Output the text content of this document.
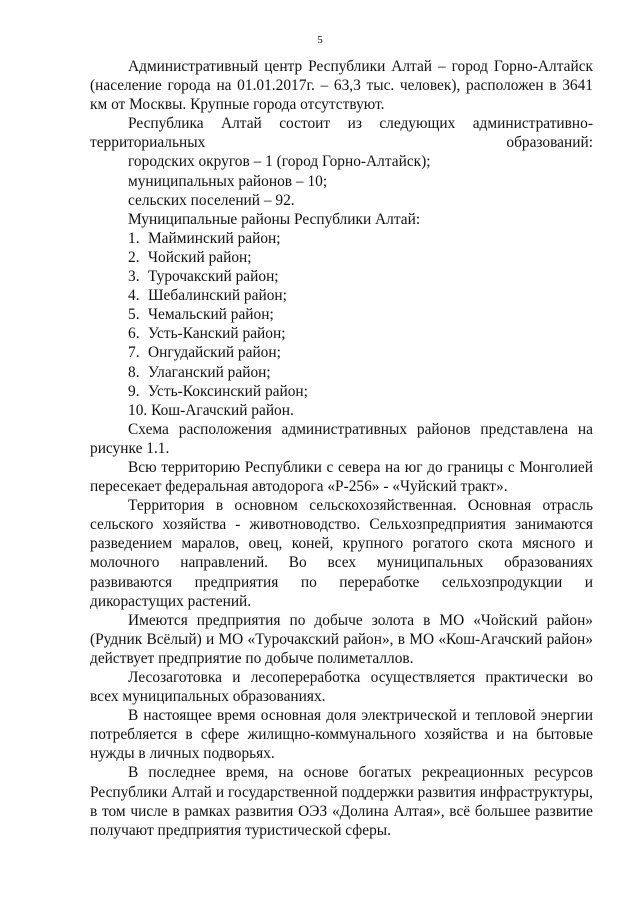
5

Административный центр Республики Алтай – город Горно-Алтайск (население города на 01.01.2017г. – 63,3 тыс. человек), расположен в 3641 км от Москвы. Крупные города отсутствуют.

Республика Алтай состоит из следующих административно-территориальных образований:

городских округов – 1 (город Горно-Алтайск);

муниципальных районов – 10;

сельских поселений – 92.

Муниципальные районы Республики Алтай:

1. Майминский район;
2. Чойский район;
3. Турочакский район;
4. Шебалинский район;
5. Чемальский район;
6. Усть-Канский район;
7. Онгудайский район;
8. Улаганский район;
9. Усть-Коксинский район;
10. Кош-Агачский район.

Схема расположения административных районов представлена на рисунке 1.1.

Всю территорию Республики с севера на юг до границы с Монголией пересекает федеральная автодорога «Р-256» - «Чуйский тракт».

Территория в основном сельскохозяйственная. Основная отрасль сельского хозяйства - животноводство. Сельхозпредприятия занимаются разведением маралов, овец, коней, крупного рогатого скота мясного и молочного направлений. Во всех муниципальных образованиях развиваются предприятия по переработке сельхозпродукции и дикорастущих растений.

Имеются предприятия по добыче золота в МО «Чойский район» (Рудник Всёлый) и МО «Турочакский район», в МО «Кош-Агачский район» действует предприятие по добыче полиметаллов.

Лесозаготовка и лесопереработка осуществляется практически во всех муниципальных образованиях.

В настоящее время основная доля электрической и тепловой энергии потребляется в сфере жилищно-коммунального хозяйства и на бытовые нужды в личных подворьях.

В последнее время, на основе богатых рекреационных ресурсов Республики Алтай и государственной поддержки развития инфраструктуры, в том числе в рамках развития ОЭЗ «Долина Алтая», всё большее развитие получают предприятия туристической сферы.
